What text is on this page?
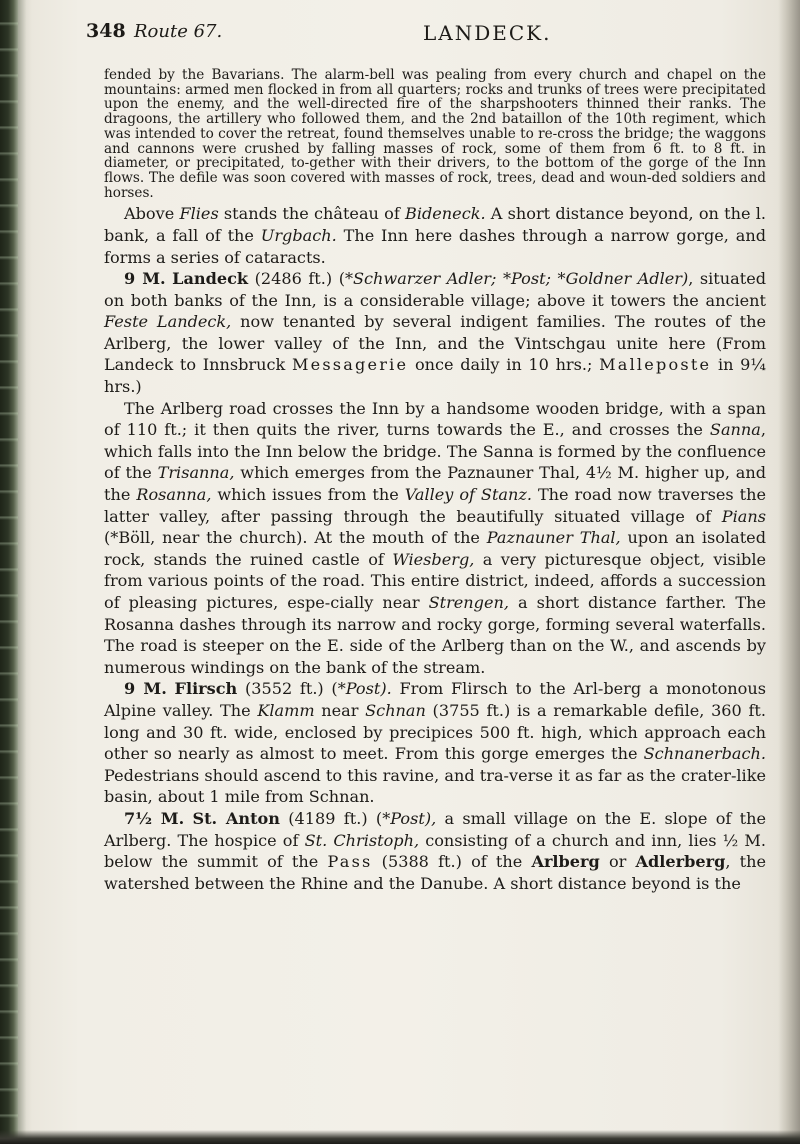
348 Route 67.	LANDECK.

fended by the Bavarians. The alarm-bell was pealing from every church and chapel on the mountains: armed men flocked in from all quarters; rocks and trunks of trees were precipitated upon the enemy, and the well-directed fire of the sharpshooters thinned their ranks. The dragoons, the artillery who followed them, and the 2nd bataillon of the 10th regiment, which was intended to cover the retreat, found themselves unable to re-cross the bridge; the waggons and cannons were crushed by falling masses of rock, some of them from 6 ft. to 8 ft. in diameter, or precipitated, to-gether with their drivers, to the bottom of the gorge of the Inn flows. The defile was soon covered with masses of rock, trees, dead and woun-ded soldiers and horses.

Above Flies stands the château of Bideneck. A short distance beyond, on the l. bank, a fall of the Urgbach. The Inn here dashes through a narrow gorge, and forms a series of cataracts.

9 M. Landeck (2486 ft.) (*Schwarzer Adler; *Post; *Goldner Adler), situated on both banks of the Inn, is a considerable village; above it towers the ancient Feste Landeck, now tenanted by several indigent families. The routes of the Arlberg, the lower valley of the Inn, and the Vintschgau unite here (From Landeck to Innsbruck Messagerie once daily in 10 hrs.; Malleposte in 9¼ hrs.)

The Arlberg road crosses the Inn by a handsome wooden bridge, with a span of 110 ft.; it then quits the river, turns towards the E., and crosses the Sanna, which falls into the Inn below the bridge. The Sanna is formed by the confluence of the Trisanna, which emerges from the Paznauner Thal, 4½ M. higher up, and the Rosanna, which issues from the Valley of Stanz. The road now traverses the latter valley, after passing through the beautifully situated village of Pians (*Böll, near the church). At the mouth of the Paznauner Thal, upon an isolated rock, stands the ruined castle of Wiesberg, a very picturesque object, visible from various points of the road. This entire district, indeed, affords a succession of pleasing pictures, espe-cially near Strengen, a short distance farther. The Rosanna dashes through its narrow and rocky gorge, forming several waterfalls. The road is steeper on the E. side of the Arlberg than on the W., and ascends by numerous windings on the bank of the stream.

9 M. Flirsch (3552 ft.) (*Post). From Flirsch to the Arl-berg a monotonous Alpine valley. The Klamm near Schnan (3755 ft.) is a remarkable defile, 360 ft. long and 30 ft. wide, enclosed by precipices 500 ft. high, which approach each other so nearly as almost to meet. From this gorge emerges the Schnanerbach. Pedestrians should ascend to this ravine, and tra-verse it as far as the crater-like basin, about 1 mile from Schnan.

7½ M. St. Anton (4189 ft.) (*Post), a small village on the E. slope of the Arlberg. The hospice of St. Christoph, consisting of a church and inn, lies ½ M. below the summit of the Pass (5388 ft.) of the Arlberg or Adlerberg, the watershed between the Rhine and the Danube. A short distance beyond is the
